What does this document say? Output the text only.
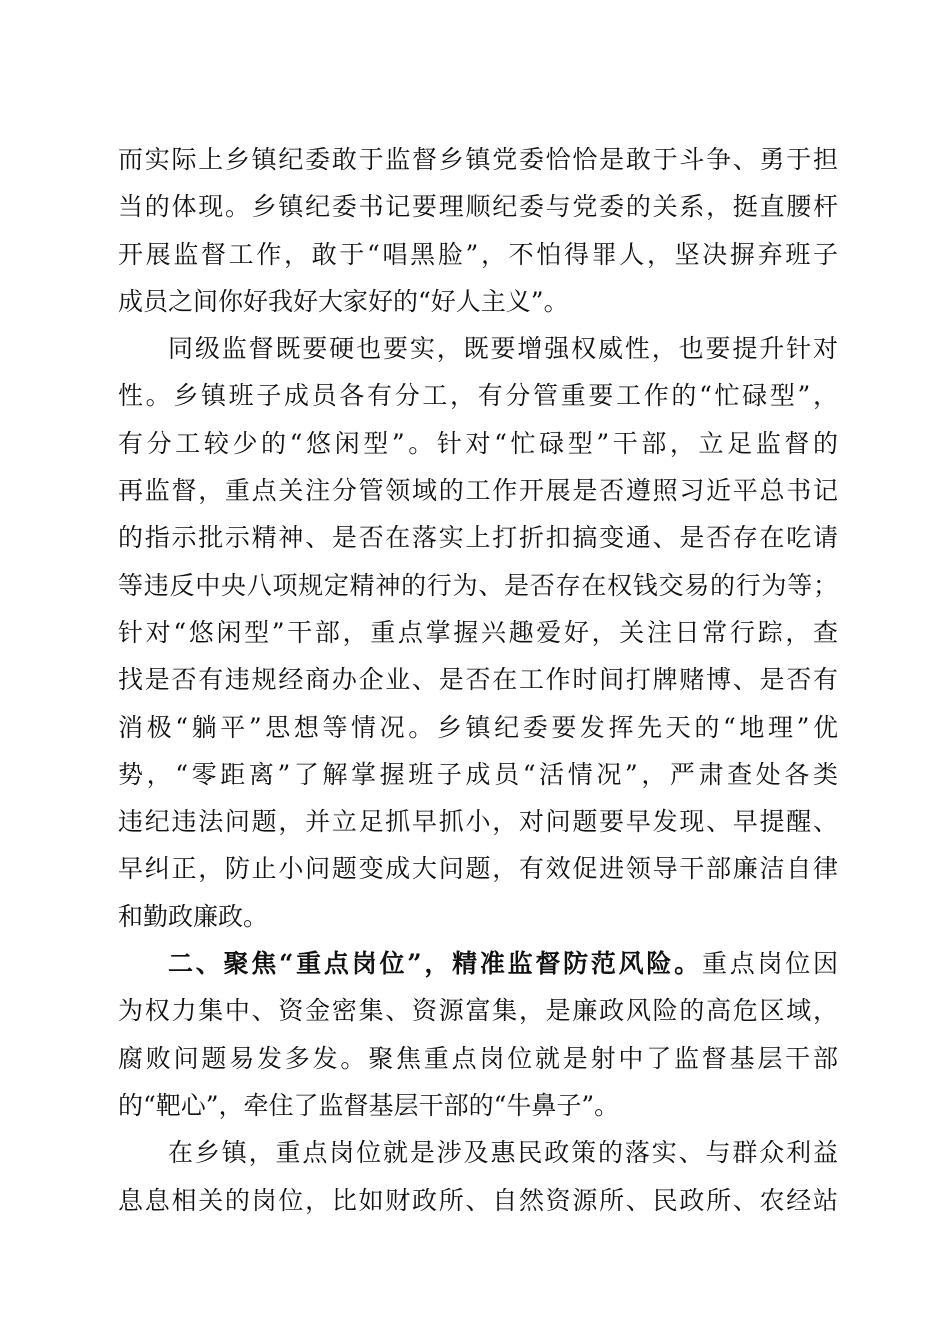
而实际上乡镇纪委敢于监督乡镇党委恰恰是敢于斗争、勇于担
当的体现。乡镇纪委书记要理顺纪委与党委的关系，挺直腰杆
开展监督工作，敢于“唱黑脸”，不怕得罪人，坚决摒弃班子
成员之间你好我好大家好的“好人主义”。
同级监督既要硬也要实，既要增强权威性，也要提升针对
性。乡镇班子成员各有分工，有分管重要工作的“忙碌型”，
有分工较少的“悠闲型”。针对“忙碌型”干部，立足监督的
再监督，重点关注分管领域的工作开展是否遵照习近平总书记
的指示批示精神、是否在落实上打折扣搞变通、是否存在吃请
等违反中央八项规定精神的行为、是否存在权钱交易的行为等；
针对“悠闲型”干部，重点掌握兴趣爱好，关注日常行踪，查
找是否有违规经商办企业、是否在工作时间打牌赌博、是否有
消极“躺平”思想等情况。乡镇纪委要发挥先天的“地理”优
势，“零距离”了解掌握班子成员“活情况”，严肃查处各类
违纪违法问题，并立足抓早抓小，对问题要早发现、早提醒、
早纠正，防止小问题变成大问题，有效促进领导干部廉洁自律
和勤政廉政。
二、聚焦“重点岗位”，精准监督防范风险。重点岗位因
为权力集中、资金密集、资源富集，是廉政风险的高危区域，
腐败问题易发多发。聚焦重点岗位就是射中了监督基层干部
的“靶心”，牵住了监督基层干部的“牛鼻子”。
在乡镇，重点岗位就是涉及惠民政策的落实、与群众利益
息息相关的岗位，比如财政所、自然资源所、民政所、农经站
